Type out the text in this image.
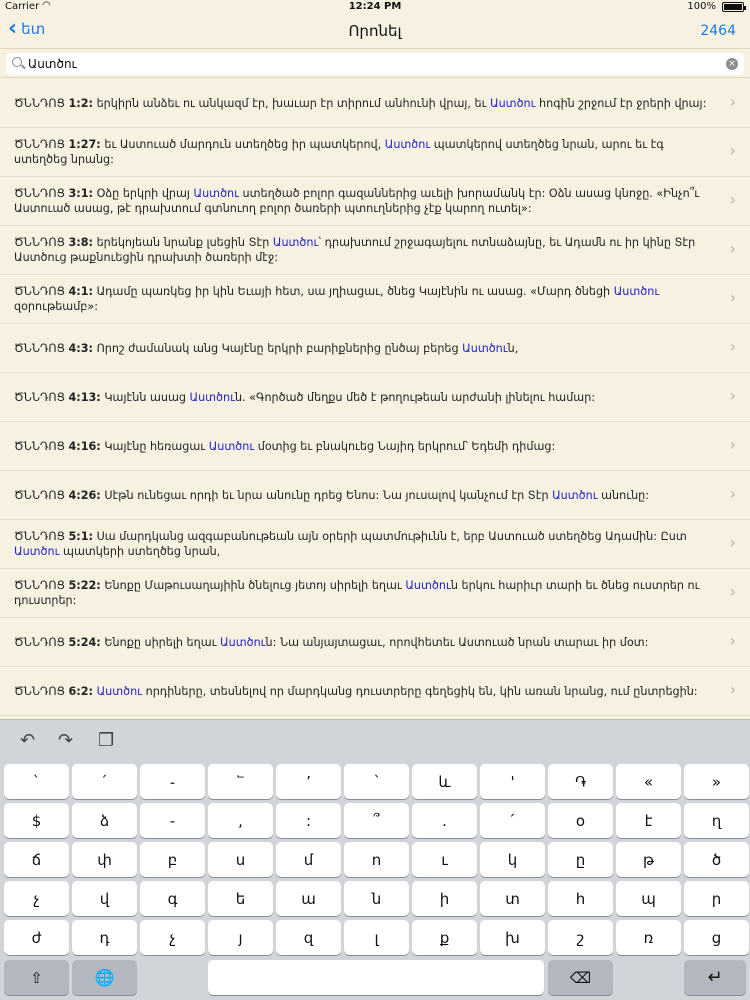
Carrier ◠	12:24 PM	100%
‹ ետ	Որոնել	2464
Աստծու
×
ԾՆՆԴՈՑ 1:2: երկիրն անձեւ ու անկազմ էր, խաւար էր տիրում անհունի վրայ, եւ Աստծու հոգին շրջում էր ջրերի վրայ: ›
ԾՆՆԴՈՑ 1:27: եւ Աստուած մարդուն ստեղծեց իր պատկերով, Աստծու պատկերով ստեղծեց նրան, արու եւ էգ ստեղծեց նրանց:	›
ԾՆՆԴՈՑ 3:1: Օձը երկրի վրայ Աստծու ստեղծած բոլոր գազաններից աւելի խորամանկ էր: Օձն ասաց կնոջը. «Ինչո՞ւ Աստուած ասաց, թէ դրախտում գտնուող բոլոր ծառերի պտուղներից չէք կարող ուտել»:	›
ԾՆՆԴՈՑ 3:8: երեկոյեան նրանք լսեցին Տէր Աստծու՝ դրախտում շրջագայելու ոտնաձայնը, եւ Ադամն ու իր կինը Տէր Աստծուց թաքնուեցին դրախտի ծառերի մէջ:	›
ԾՆՆԴՈՑ 4:1: Ադամը պառկեց իր կին Եւայի հետ, սա յղիացաւ, ծնեց Կայէնին ու ասաց. «Մարդ ծնեցի Աստծու զօրութեամբ»:	›
ԾՆՆԴՈՑ 4:3: Որոշ ժամանակ անց Կայէնը երկրի բարիքներից ընծայ բերեց Աստծուն,	›
ԾՆՆԴՈՑ 4:13: Կայէնն ասաց Աստծուն. «Գործած մեղքս մեծ է թողութեան արժանի լինելու համար:	›
ԾՆՆԴՈՑ 4:16: Կայէնը հեռացաւ Աստծու մօտից եւ բնակուեց Նայիդ երկրում՝ Եդեմի դիմաց:	›
ԾՆՆԴՈՑ 4:26: Սէթն ունեցաւ որդի եւ նրա անունը դրեց Ենոս: Նա յուսալով կանչում էր Տէր Աստծու անունը:	›
ԾՆՆԴՈՑ 5:1: Սա մարդկանց ազգաբանութեան այն օրերի պատմութիւնն է, երբ Աստուած ստեղծեց Ադամին: Ըստ Աստծու պատկերի ստեղծեց նրան,	›
ԾՆՆԴՈՑ 5:22: Ենոքը Մաթուսաղայիին ծնելուց յետոյ սիրելի եղաւ Աստծուն երկու հարիւր տարի եւ ծնեց ուստրեր ու դուստրեր:	›
ԾՆՆԴՈՑ 5:24: Ենոքը սիրելի եղաւ Աստծուն: Նա անյայտացաւ, որովհետեւ Աստուած նրան տարաւ իր մօտ:	›
ԾՆՆԴՈՑ 6:2: Աստծու որդիները, տեսնելով որ մարդկանց դուստրերը գեղեցիկ են, կին առան նրանց, ում ընտրեցին: ›
↶ ↷ ❐
`	՛	֊	՟	՚	՝	և	'	֏	«	»
$	ձ	-	,	:	՞	.	՛	օ	է	ղ
ճ	փ	բ	ս	մ	ո	ւ	կ	ը	թ	ծ
չ	վ	գ	ե	ա	ն	ի	տ	հ	պ	ր
ժ	դ	չ	յ	զ	լ	ք	խ	շ	ռ	ց
⇧	🌐	⌫	↵
